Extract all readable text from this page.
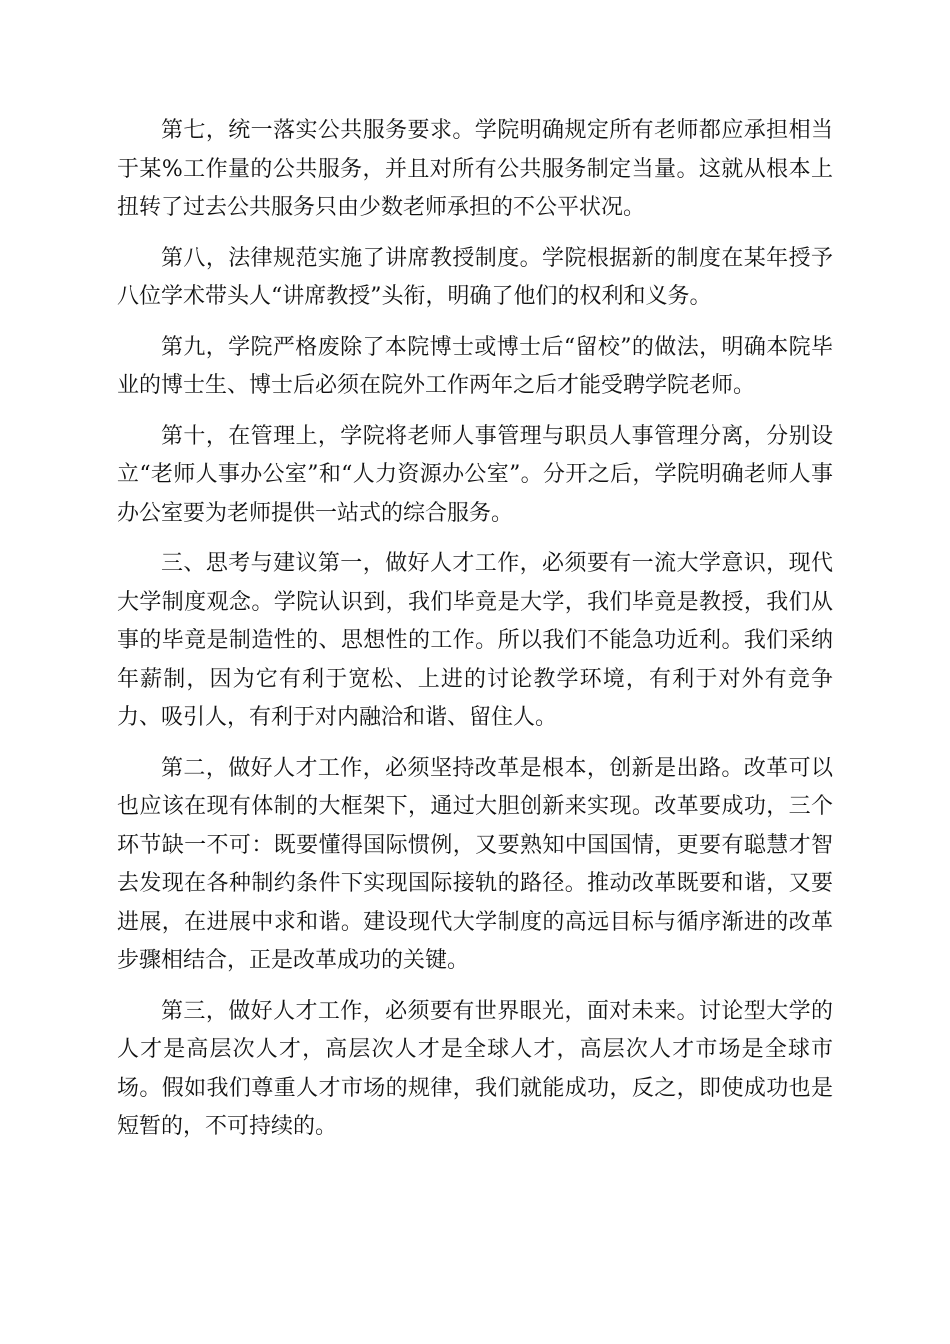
第七，统一落实公共服务要求。学院明确规定所有老师都应承担相当于某%工作量的公共服务，并且对所有公共服务制定当量。这就从根本上扭转了过去公共服务只由少数老师承担的不公平状况。

第八，法律规范实施了讲席教授制度。学院根据新的制度在某年授予八位学术带头人“讲席教授”头衔，明确了他们的权利和义务。

第九，学院严格废除了本院博士或博士后“留校”的做法，明确本院毕业的博士生、博士后必须在院外工作两年之后才能受聘学院老师。

第十，在管理上，学院将老师人事管理与职员人事管理分离，分别设立“老师人事办公室”和“人力资源办公室”。分开之后，学院明确老师人事办公室要为老师提供一站式的综合服务。

三、思考与建议第一，做好人才工作，必须要有一流大学意识，现代大学制度观念。学院认识到，我们毕竟是大学，我们毕竟是教授，我们从事的毕竟是制造性的、思想性的工作。所以我们不能急功近利。我们采纳年薪制，因为它有利于宽松、上进的讨论教学环境，有利于对外有竞争力、吸引人，有利于对内融洽和谐、留住人。

第二，做好人才工作，必须坚持改革是根本，创新是出路。改革可以也应该在现有体制的大框架下，通过大胆创新来实现。改革要成功，三个环节缺一不可：既要懂得国际惯例，又要熟知中国国情，更要有聪慧才智去发现在各种制约条件下实现国际接轨的路径。推动改革既要和谐，又要进展，在进展中求和谐。建设现代大学制度的高远目标与循序渐进的改革步骤相结合，正是改革成功的关键。

第三，做好人才工作，必须要有世界眼光，面对未来。讨论型大学的人才是高层次人才，高层次人才是全球人才，高层次人才市场是全球市场。假如我们尊重人才市场的规律，我们就能成功，反之，即使成功也是短暂的，不可持续的。
